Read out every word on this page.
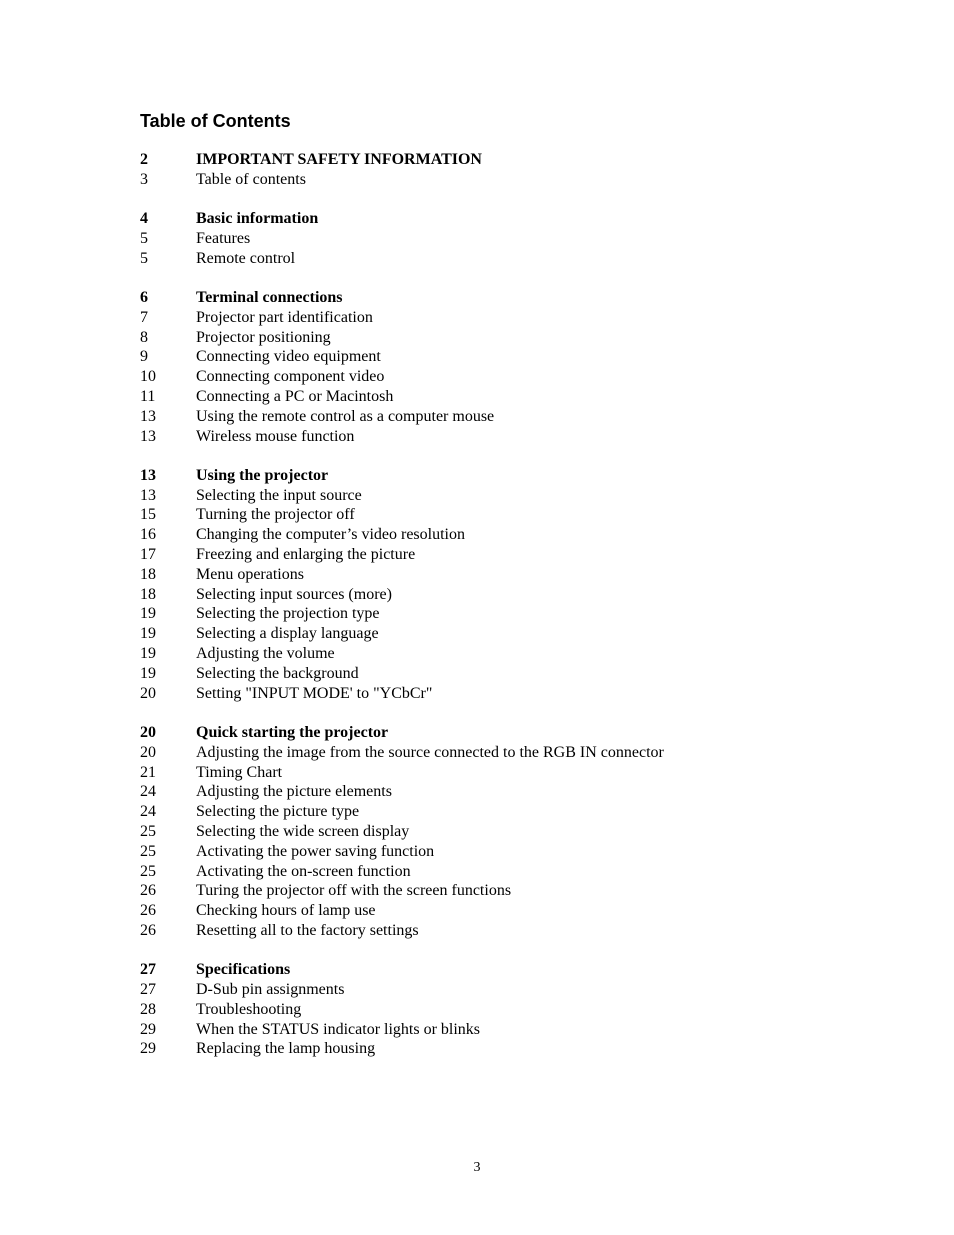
Table of Contents
2	IMPORTANT SAFETY INFORMATION
3	Table of contents
4	Basic information
5	Features
5	Remote control
6	Terminal connections
7	Projector part identification
8	Projector positioning
9	Connecting video equipment
10	Connecting component video
11	Connecting a PC or Macintosh
13	Using the remote control as a computer mouse
13	Wireless mouse function
13	Using the projector
13	Selecting the input source
15	Turning the projector off
16	Changing the computer’s video resolution
17	Freezing and enlarging the picture
18	Menu operations
18	Selecting input sources (more)
19	Selecting the projection type
19	Selecting a display language
19	Adjusting the volume
19	Selecting the background
20	Setting "INPUT MODE' to "YCbCr"
20	Quick starting the projector
20	Adjusting the image from the source connected to the RGB IN connector
21	Timing Chart
24	Adjusting the picture elements
24	Selecting the picture type
25	Selecting the wide screen display
25	Activating the power saving function
25	Activating the on-screen function
26	Turing the projector off with the screen functions
26	Checking hours of lamp use
26	Resetting all to the factory settings
27	Specifications
27	D-Sub pin assignments
28	Troubleshooting
29	When the STATUS indicator lights or blinks
29	Replacing the lamp housing
3
